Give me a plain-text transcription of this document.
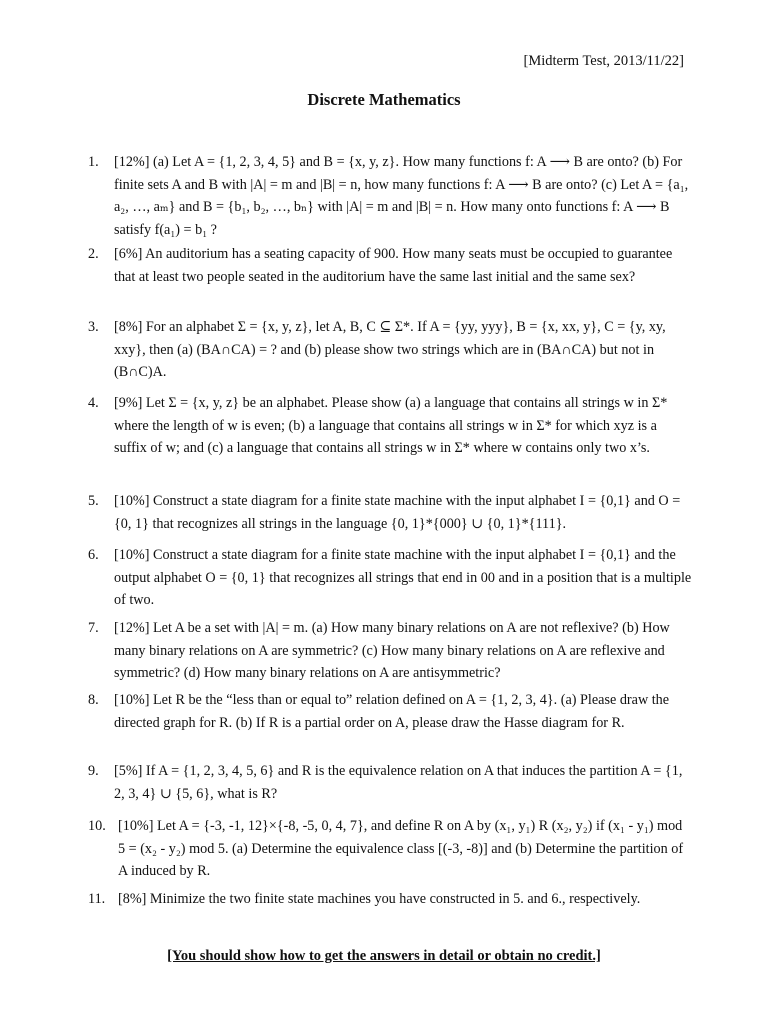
[Midterm Test, 2013/11/22]
Discrete Mathematics
1.	[12%] (a) Let A = {1, 2, 3, 4, 5} and B = {x, y, z}. How many functions f: A ⟶ B are onto? (b) For finite sets A and B with |A| = m and |B| = n, how many functions f: A ⟶ B are onto? (c) Let A = {a₁, a₂, …, aₘ} and B = {b₁, b₂, …, bₙ} with |A| = m and |B| = n. How many onto functions f: A ⟶ B satisfy f(a₁) = b₁ ?
2.	[6%] An auditorium has a seating capacity of 900. How many seats must be occupied to guarantee that at least two people seated in the auditorium have the same last initial and the same sex?
3.	[8%] For an alphabet Σ = {x, y, z}, let A, B, C ⊆ Σ*. If A = {yy, yyy}, B = {x, xx, y}, C = {y, xy, xxy}, then (a) (BA∩CA) = ? and (b) please show two strings which are in (BA∩CA) but not in (B∩C)A.
4.	[9%] Let Σ = {x, y, z} be an alphabet. Please show (a) a language that contains all strings w in Σ* where the length of w is even; (b) a language that contains all strings w in Σ* for which xyz is a suffix of w; and (c) a language that contains all strings w in Σ* where w contains only two x’s.
5.	[10%] Construct a state diagram for a finite state machine with the input alphabet I = {0,1} and O = {0, 1} that recognizes all strings in the language {0, 1}*{000} ∪ {0, 1}*{111}.
6.	[10%] Construct a state diagram for a finite state machine with the input alphabet I = {0,1} and the output alphabet O = {0, 1} that recognizes all strings that end in 00 and in a position that is a multiple of two.
7.	[12%] Let A be a set with |A| = m. (a) How many binary relations on A are not reflexive? (b) How many binary relations on A are symmetric? (c) How many binary relations on A are reflexive and symmetric? (d) How many binary relations on A are antisymmetric?
8.	[10%] Let R be the “less than or equal to” relation defined on A = {1, 2, 3, 4}. (a) Please draw the directed graph for R. (b) If R is a partial order on A, please draw the Hasse diagram for R.
9.	[5%] If A = {1, 2, 3, 4, 5, 6} and R is the equivalence relation on A that induces the partition A = {1, 2, 3, 4} ∪ {5, 6}, what is R?
10. [10%] Let A = {-3, -1, 12}×{-8, -5, 0, 4, 7}, and define R on A by (x₁, y₁) R (x₂, y₂) if (x₁ - y₁) mod 5 = (x₂ - y₂) mod 5. (a) Determine the equivalence class [(-3, -8)] and (b) Determine the partition of A induced by R.
11. [8%] Minimize the two finite state machines you have constructed in 5. and 6., respectively.
[You should show how to get the answers in detail or obtain no credit.]
